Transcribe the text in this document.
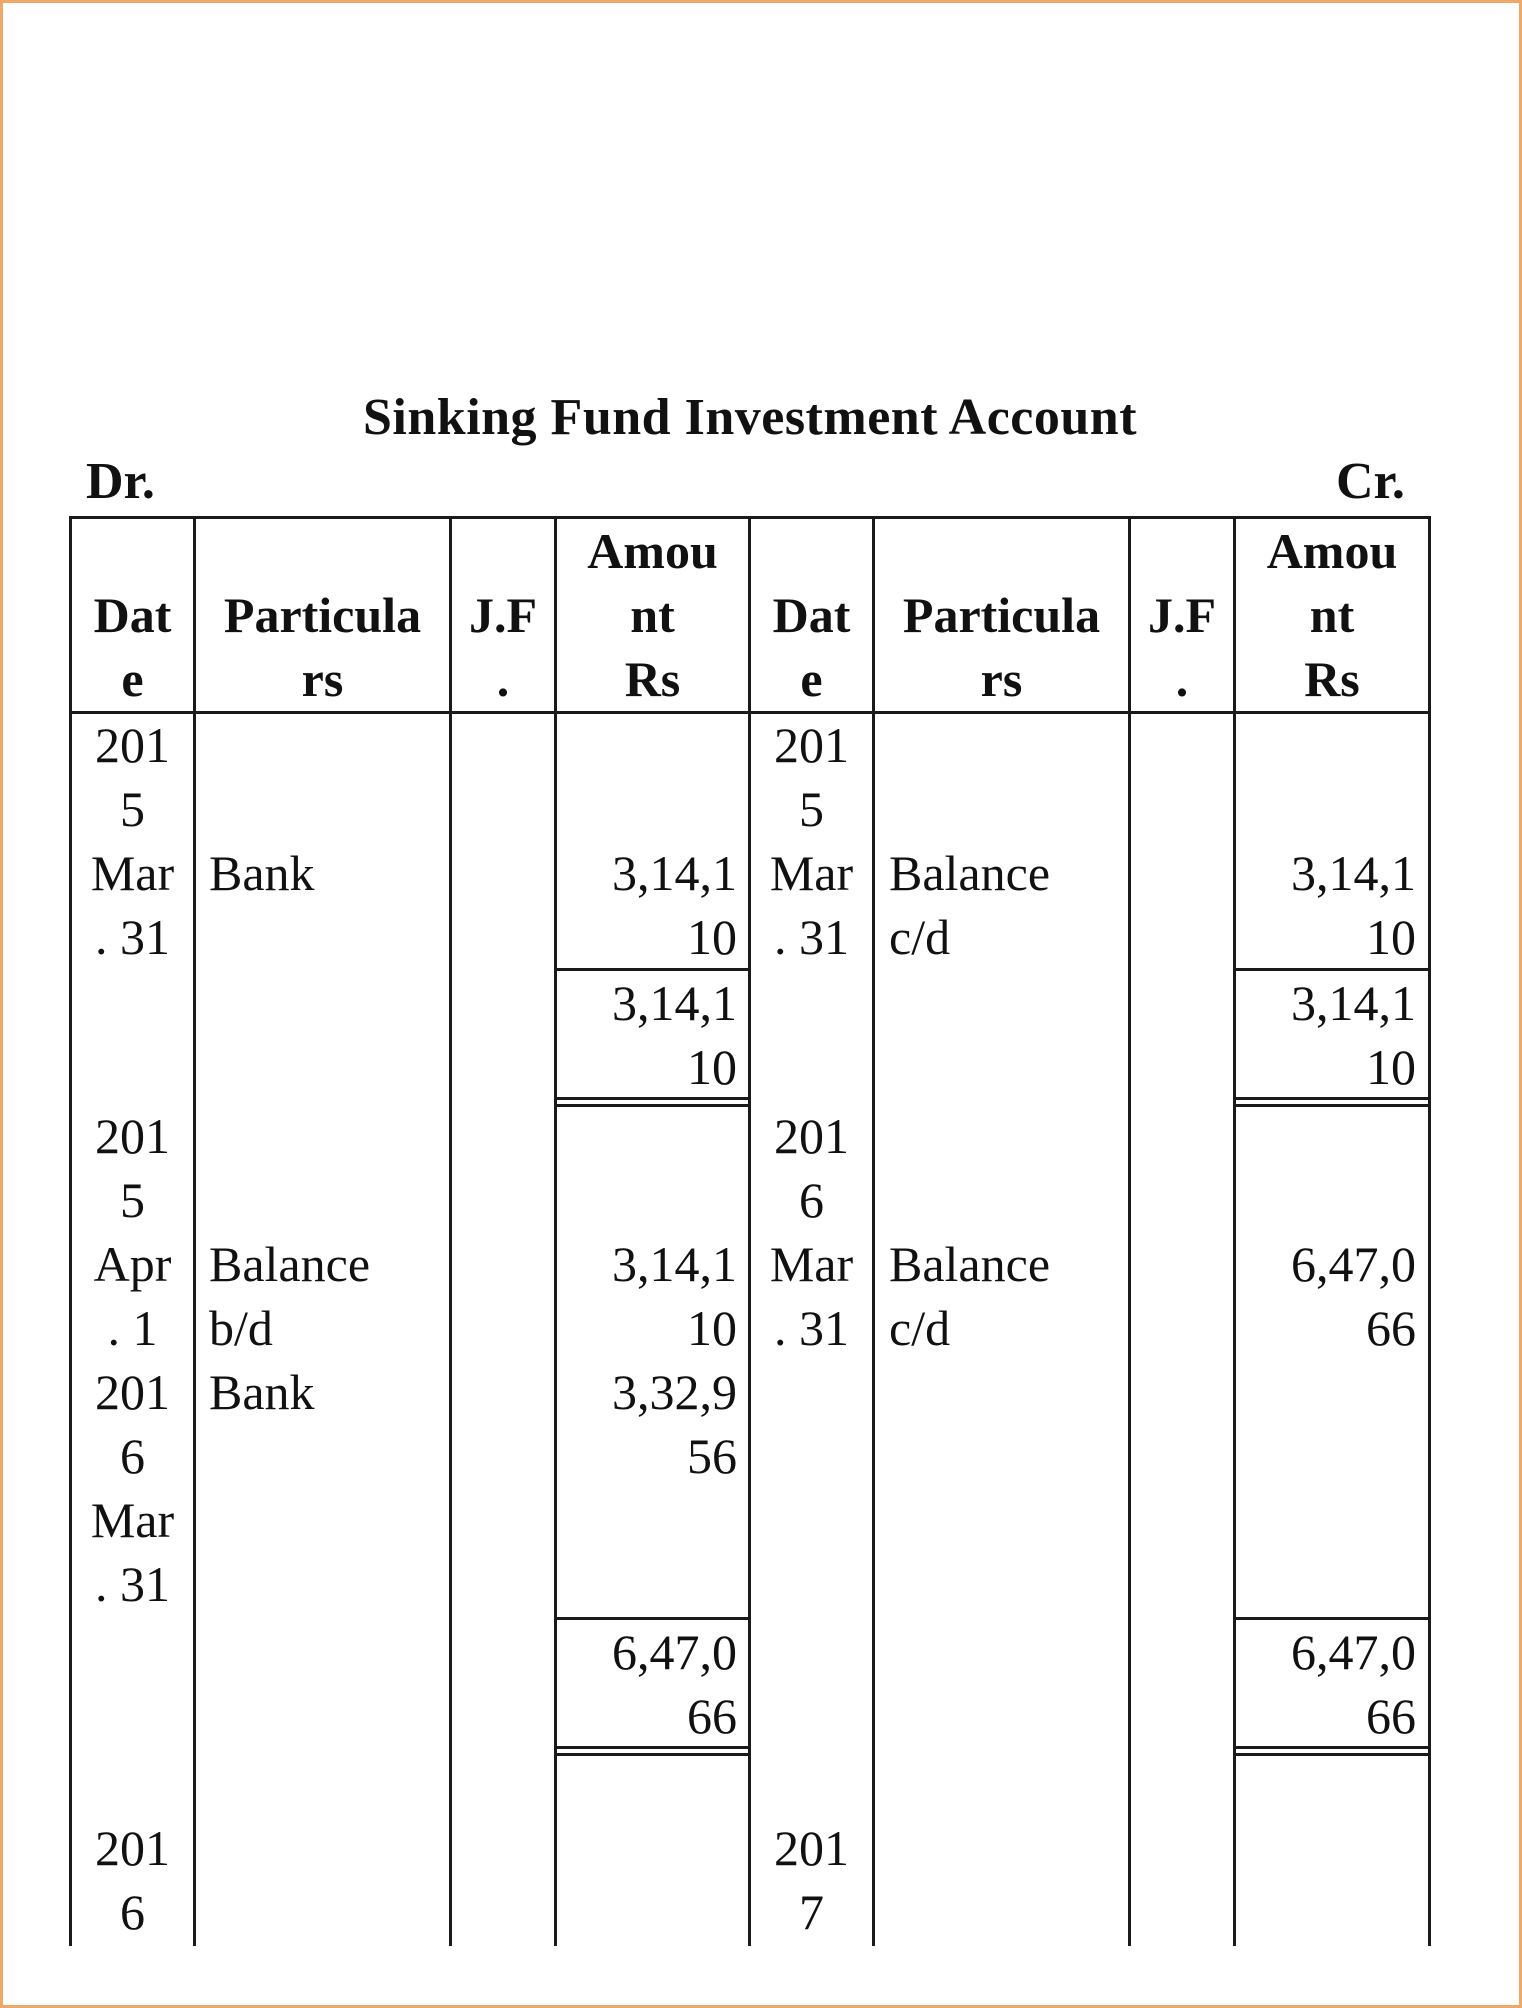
Sinking Fund Investment Account
Dr.	Cr.
Dat
e
Particula
rs
J.F
.
Amou
nt
Rs
Dat
e
Particula
rs
J.F
.
Amou
nt
Rs
201
5
Mar
. 31
Bank	3,14,1
10
3,14,1
10
201
5
Mar
. 31
Balance
c/d
3,14,1
10
3,14,1
10
201
5
Apr
. 1
201
6
Mar
. 31
Balance
b/d
Bank
3,14,1
10
3,32,9
56
6,47,0
66
201
6
Mar
. 31
Balance
c/d
6,47,0
66
6,47,0
66
201
6
201
7
